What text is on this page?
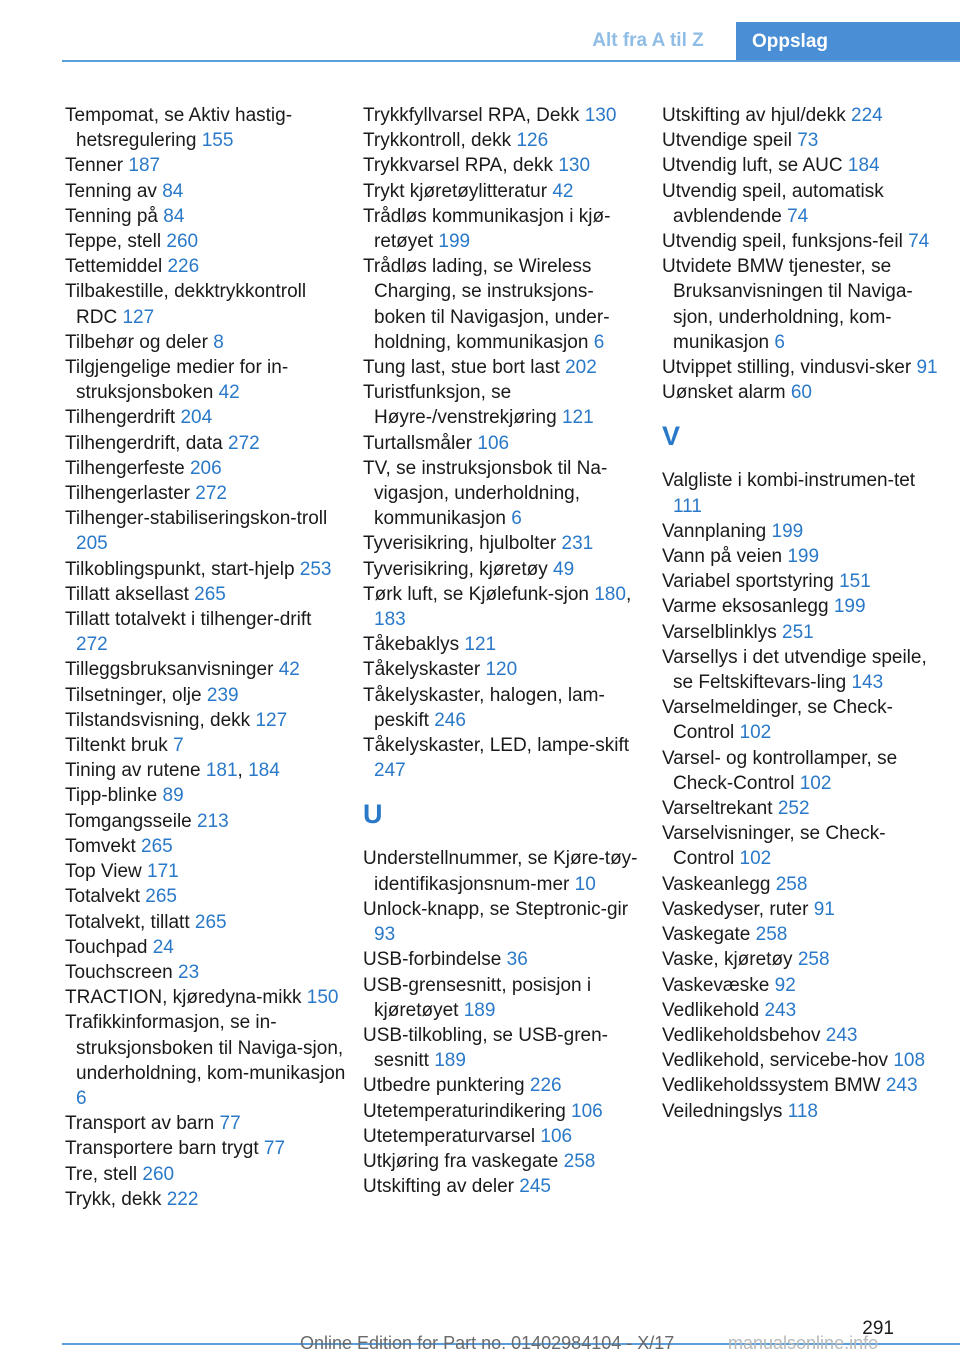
Alt fra A til Z	Oppslag
Tempomat, se Aktiv hastig-hetsregulering 155
Tenner 187
Tenning av 84
Tenning på 84
Teppe, stell 260
Tettemiddel 226
Tilbakestille, dekktrykkontroll RDC 127
Tilbehør og deler 8
Tilgjengelige medier for in-struksjonsboken 42
Tilhengerdrift 204
Tilhengerdrift, data 272
Tilhengerfeste 206
Tilhengerlaster 272
Tilhenger-stabiliseringskon-troll 205
Tilkoblingspunkt, start-hjelp 253
Tillatt aksellast 265
Tillatt totalvekt i tilhenger-drift 272
Tilleggsbruksanvisninger 42
Tilsetninger, olje 239
Tilstandsvisning, dekk 127
Tiltenkt bruk 7
Tining av rutene 181, 184
Tipp-blinke 89
Tomgangsseile 213
Tomvekt 265
Top View 171
Totalvekt 265
Totalvekt, tillatt 265
Touchpad 24
Touchscreen 23
TRACTION, kjøredyna-mikk 150
Trafikkinformasjon, se in-struksjonsboken til Naviga-sjon, underholdning, kom-munikasjon 6
Transport av barn 77
Transportere barn trygt 77
Tre, stell 260
Trykk, dekk 222
Trykkfyllvarsel RPA, Dekk 130
Trykkontroll, dekk 126
Trykkvarsel RPA, dekk 130
Trykt kjøretøylitteratur 42
Trådløs kommunikasjon i kjø-retøyet 199
Trådløs lading, se Wireless Charging, se instruksjons-boken til Navigasjon, under-holdning, kommunikasjon 6
Tung last, stue bort last 202
Turistfunksjon, se Høyre-/venstrekjøring 121
Turtallsmåler 106
TV, se instruksjonsbok til Na-vigasjon, underholdning, kommunikasjon 6
Tyverisikring, hjulbolter 231
Tyverisikring, kjøretøy 49
Tørk luft, se Kjølefunk-sjon 180, 183
Tåkebaklys 121
Tåkelyskaster 120
Tåkelyskaster, halogen, lam-peskift 246
Tåkelyskaster, LED, lampe-skift 247
U
Understellnummer, se Kjøre-tøy-identifikasjonsnum-mer 10
Unlock-knapp, se Steptronic-gir 93
USB-forbindelse 36
USB-grensesnitt, posisjon i kjøretøyet 189
USB-tilkobling, se USB-gren-sesnitt 189
Utbedre punktering 226
Utetemperaturindikering 106
Utetemperaturvarsel 106
Utkjøring fra vaskegate 258
Utskifting av deler 245
Utskifting av hjul/dekk 224
Utvendige speil 73
Utvendig luft, se AUC 184
Utvendig speil, automatisk avblendende 74
Utvendig speil, funksjons-feil 74
Utvidete BMW tjenester, se Bruksanvisningen til Naviga-sjon, underholdning, kom-munikasjon 6
Utvippet stilling, vindusvi-sker 91
Uønsket alarm 60
V
Valgliste i kombi-instrumen-tet 111
Vannplaning 199
Vann på veien 199
Variabel sportstyring 151
Varme eksosanlegg 199
Varselblinklys 251
Varsellys i det utvendige speile, se Feltskiftevars-ling 143
Varselmeldinger, se Check-Control 102
Varsel- og kontrollamper, se Check-Control 102
Varseltrekant 252
Varselvisninger, se Check-Control 102
Vaskeanlegg 258
Vaskedyser, ruter 91
Vaskegate 258
Vaske, kjøretøy 258
Vaskevæske 92
Vedlikehold 243
Vedlikeholdsbehov 243
Vedlikehold, servicebe-hov 108
Vedlikeholdssystem BMW 243
Veiledningslys 118
291
Online Edition for Part no. 01402984104 - X/17	manualsonline.info
